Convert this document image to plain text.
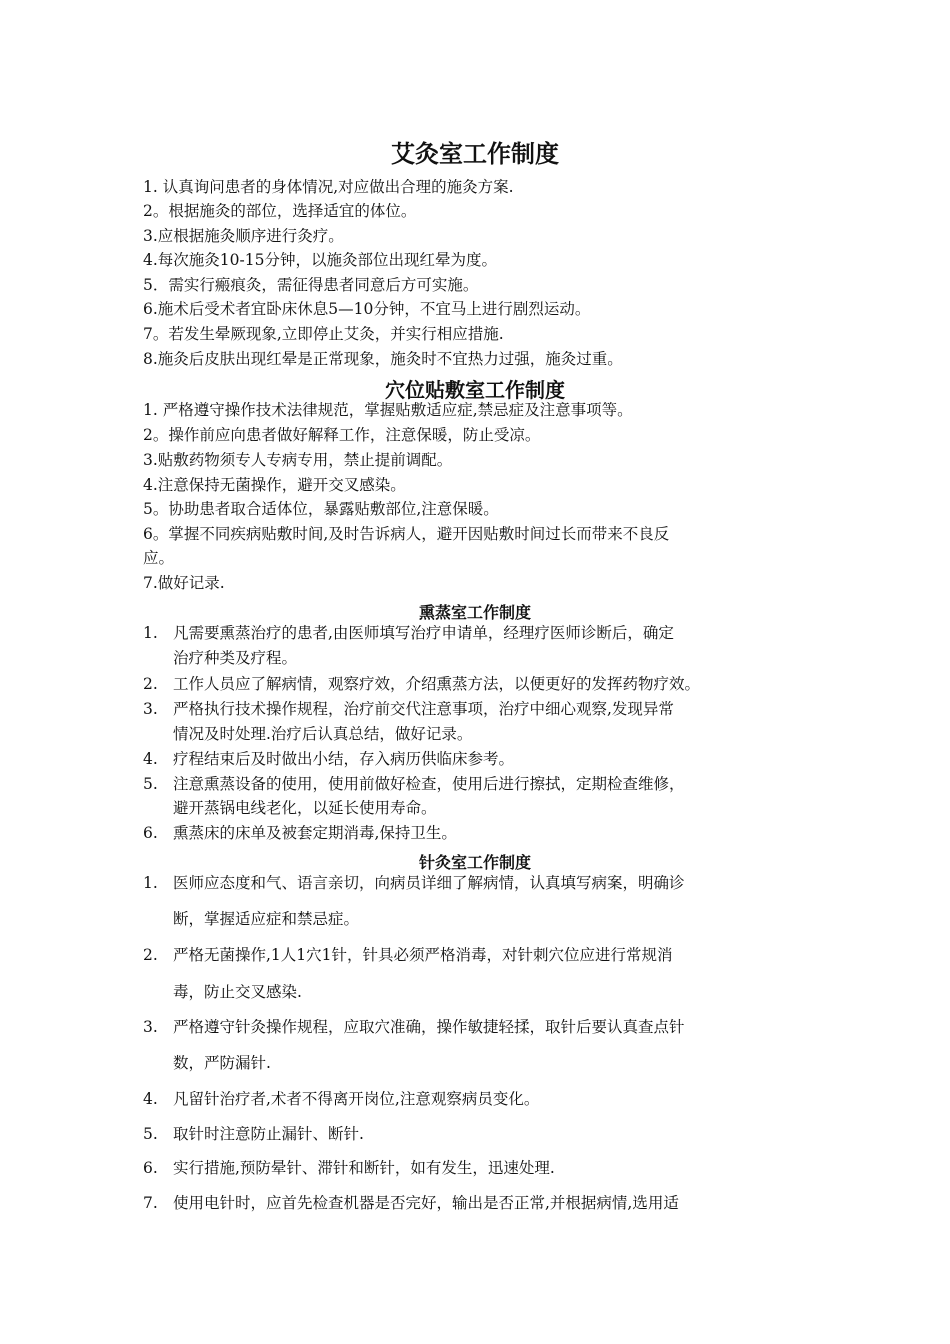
艾灸室工作制度
1. 认真询问患者的身体情况,对应做出合理的施灸方案.
2。根据施灸的部位，选择适宜的体位。
3.应根据施灸顺序进行灸疗。
4.每次施灸10-15分钟，以施灸部位出现红晕为度。
5．需实行瘢痕灸，需征得患者同意后方可实施。
6.施术后受术者宜卧床休息5—10分钟，不宜马上进行剧烈运动。
7。若发生晕厥现象,立即停止艾灸，并实行相应措施.
8.施灸后皮肤出现红晕是正常现象，施灸时不宜热力过强，施灸过重。
穴位贴敷室工作制度
1. 严格遵守操作技术法律规范，掌握贴敷适应症,禁忌症及注意事项等。
2。操作前应向患者做好解释工作，注意保暖，防止受凉。
3.贴敷药物须专人专病专用，禁止提前调配。
4.注意保持无菌操作，避开交叉感染。
5。协助患者取合适体位，暴露贴敷部位,注意保暖。
6。掌握不同疾病贴敷时间,及时告诉病人，避开因贴敷时间过长而带来不良反
应。
7.做好记录.
熏蒸室工作制度
1. 凡需要熏蒸治疗的患者,由医师填写治疗申请单，经理疗医师诊断后，确定
治疗种类及疗程。
2. 工作人员应了解病情，观察疗效，介绍熏蒸方法，以便更好的发挥药物疗效。
3. 严格执行技术操作规程，治疗前交代注意事项，治疗中细心观察,发现异常
情况及时处理.治疗后认真总结，做好记录。
4. 疗程结束后及时做出小结，存入病历供临床参考。
5. 注意熏蒸设备的使用，使用前做好检查，使用后进行擦拭，定期检查维修，
避开蒸锅电线老化，以延长使用寿命。
6. 熏蒸床的床单及被套定期消毒,保持卫生。
针灸室工作制度
1. 医师应态度和气、语言亲切，向病员详细了解病情，认真填写病案，明确诊
断，掌握适应症和禁忌症。
2. 严格无菌操作,1人1穴1针，针具必须严格消毒，对针刺穴位应进行常规消
毒，防止交叉感染.
3. 严格遵守针灸操作规程，应取穴准确，操作敏捷轻揉，取针后要认真查点针
数，严防漏针.
4. 凡留针治疗者,术者不得离开岗位,注意观察病员变化。
5. 取针时注意防止漏针、断针.
6. 实行措施,预防晕针、滞针和断针，如有发生，迅速处理.
7. 使用电针时，应首先检查机器是否完好，输出是否正常,并根据病情,选用适
